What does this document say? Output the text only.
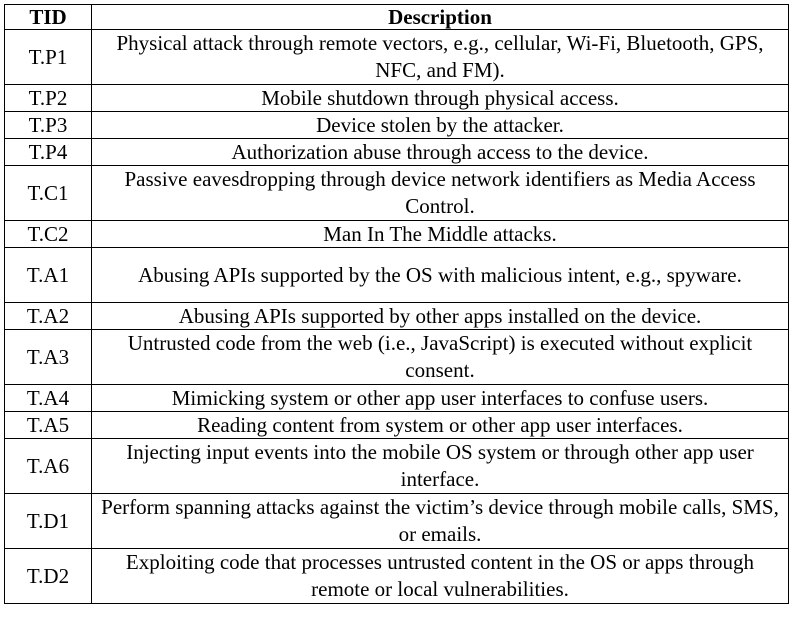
TID	Description
T.P1	Physical attack through remote vectors, e.g., cellular, Wi-Fi, Bluetooth, GPS, NFC, and FM).
T.P2	Mobile shutdown through physical access.
T.P3	Device stolen by the attacker.
T.P4	Authorization abuse through access to the device.
T.C1	Passive eavesdropping through device network identifiers as Media Access Control.
T.C2	Man In The Middle attacks.
T.A1	Abusing APIs supported by the OS with malicious intent, e.g., spyware.
T.A2	Abusing APIs supported by other apps installed on the device.
T.A3	Untrusted code from the web (i.e., JavaScript) is executed without explicit consent.
T.A4	Mimicking system or other app user interfaces to confuse users.
T.A5	Reading content from system or other app user interfaces.
T.A6	Injecting input events into the mobile OS system or through other app user interface.
T.D1	Perform spanning attacks against the victim’s device through mobile calls, SMS, or emails.
T.D2	Exploiting code that processes untrusted content in the OS or apps through remote or local vulnerabilities.
